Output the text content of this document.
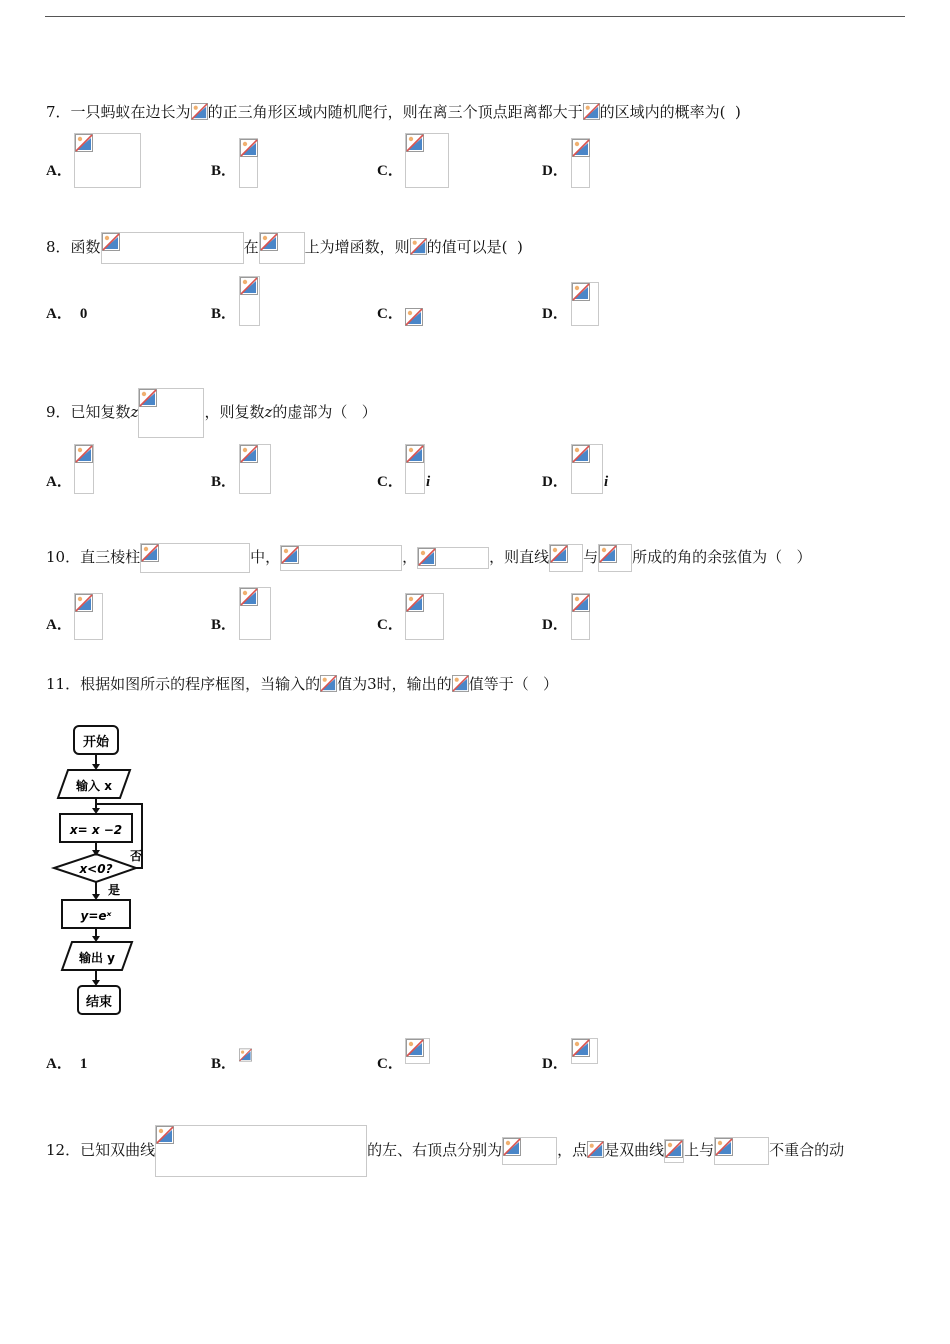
7．一只蚂蚁在边长为 的正三角形区域内随机爬行，则在离三个顶点距离都大于 的区域内的概率为( )
A．	B．	C．	D．
8．函数	在	上为增函数，则 的值可以是( )
A． 0	B．	C．	D．
9．已知复数z	，则复数z的虚部为（ ）
A．	B．	C． i	D． i
10．直三棱柱	中，	，	，则直线 与 所成的角的余弦值为（ ）
A．	B．	C．	D．
11．根据如图所示的程序框图，当输入的 值为3时，输出的 值等于（ ）
开始
输入 x
x= x −2
x<0?
否
是
y=eˣ
输出 y
结束
A． 1	B．	C．	D．
12．已知双曲线	的左、右顶点分别为	，点 是双曲线 上与	不重合的动
